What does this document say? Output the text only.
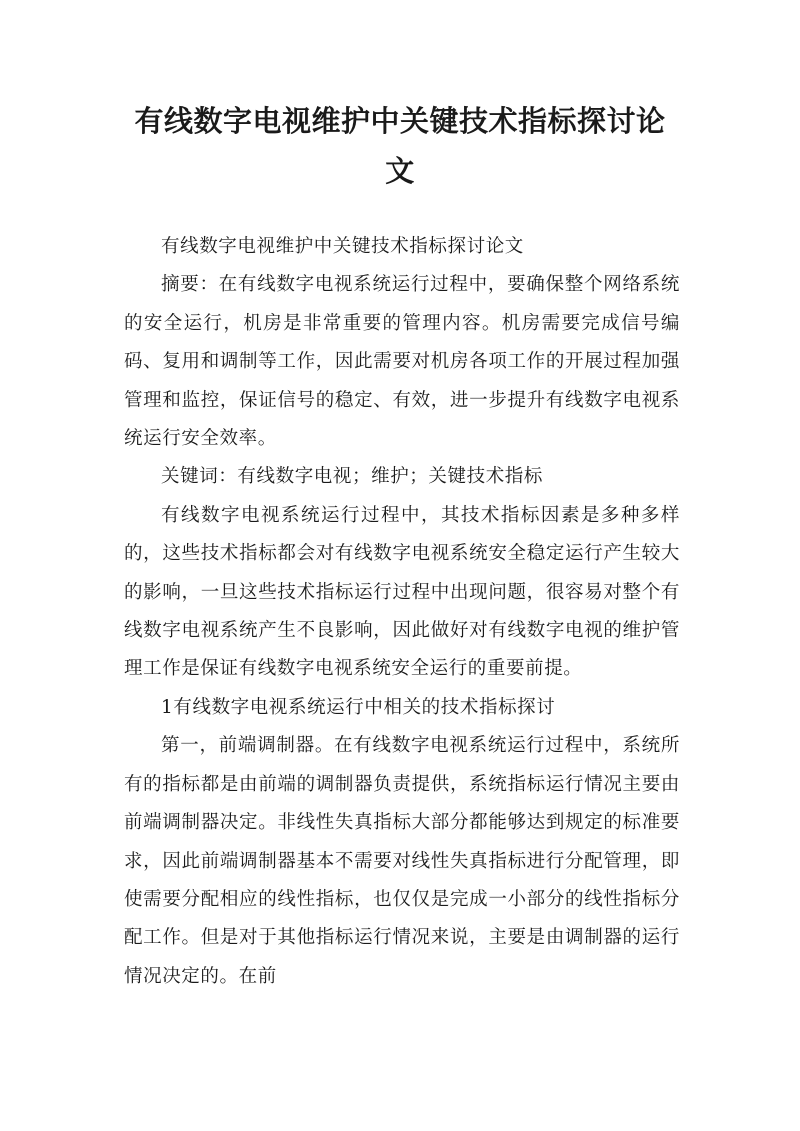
有线数字电视维护中关键技术指标探讨论
文

有线数字电视维护中关键技术指标探讨论文

摘要：在有线数字电视系统运行过程中，要确保整个网络系统的安全运行，机房是非常重要的管理内容。机房需要完成信号编码、复用和调制等工作，因此需要对机房各项工作的开展过程加强管理和监控，保证信号的稳定、有效，进一步提升有线数字电视系统运行安全效率。

关键词：有线数字电视；维护；关键技术指标

有线数字电视系统运行过程中，其技术指标因素是多种多样的，这些技术指标都会对有线数字电视系统安全稳定运行产生较大的影响，一旦这些技术指标运行过程中出现问题，很容易对整个有线数字电视系统产生不良影响，因此做好对有线数字电视的维护管理工作是保证有线数字电视系统安全运行的重要前提。

1有线数字电视系统运行中相关的技术指标探讨

第一，前端调制器。在有线数字电视系统运行过程中，系统所有的指标都是由前端的调制器负责提供，系统指标运行情况主要由前端调制器决定。非线性失真指标大部分都能够达到规定的标准要求，因此前端调制器基本不需要对线性失真指标进行分配管理，即使需要分配相应的线性指标，也仅仅是完成一小部分的线性指标分配工作。但是对于其他指标运行情况来说，主要是由调制器的运行情况决定的。在前
